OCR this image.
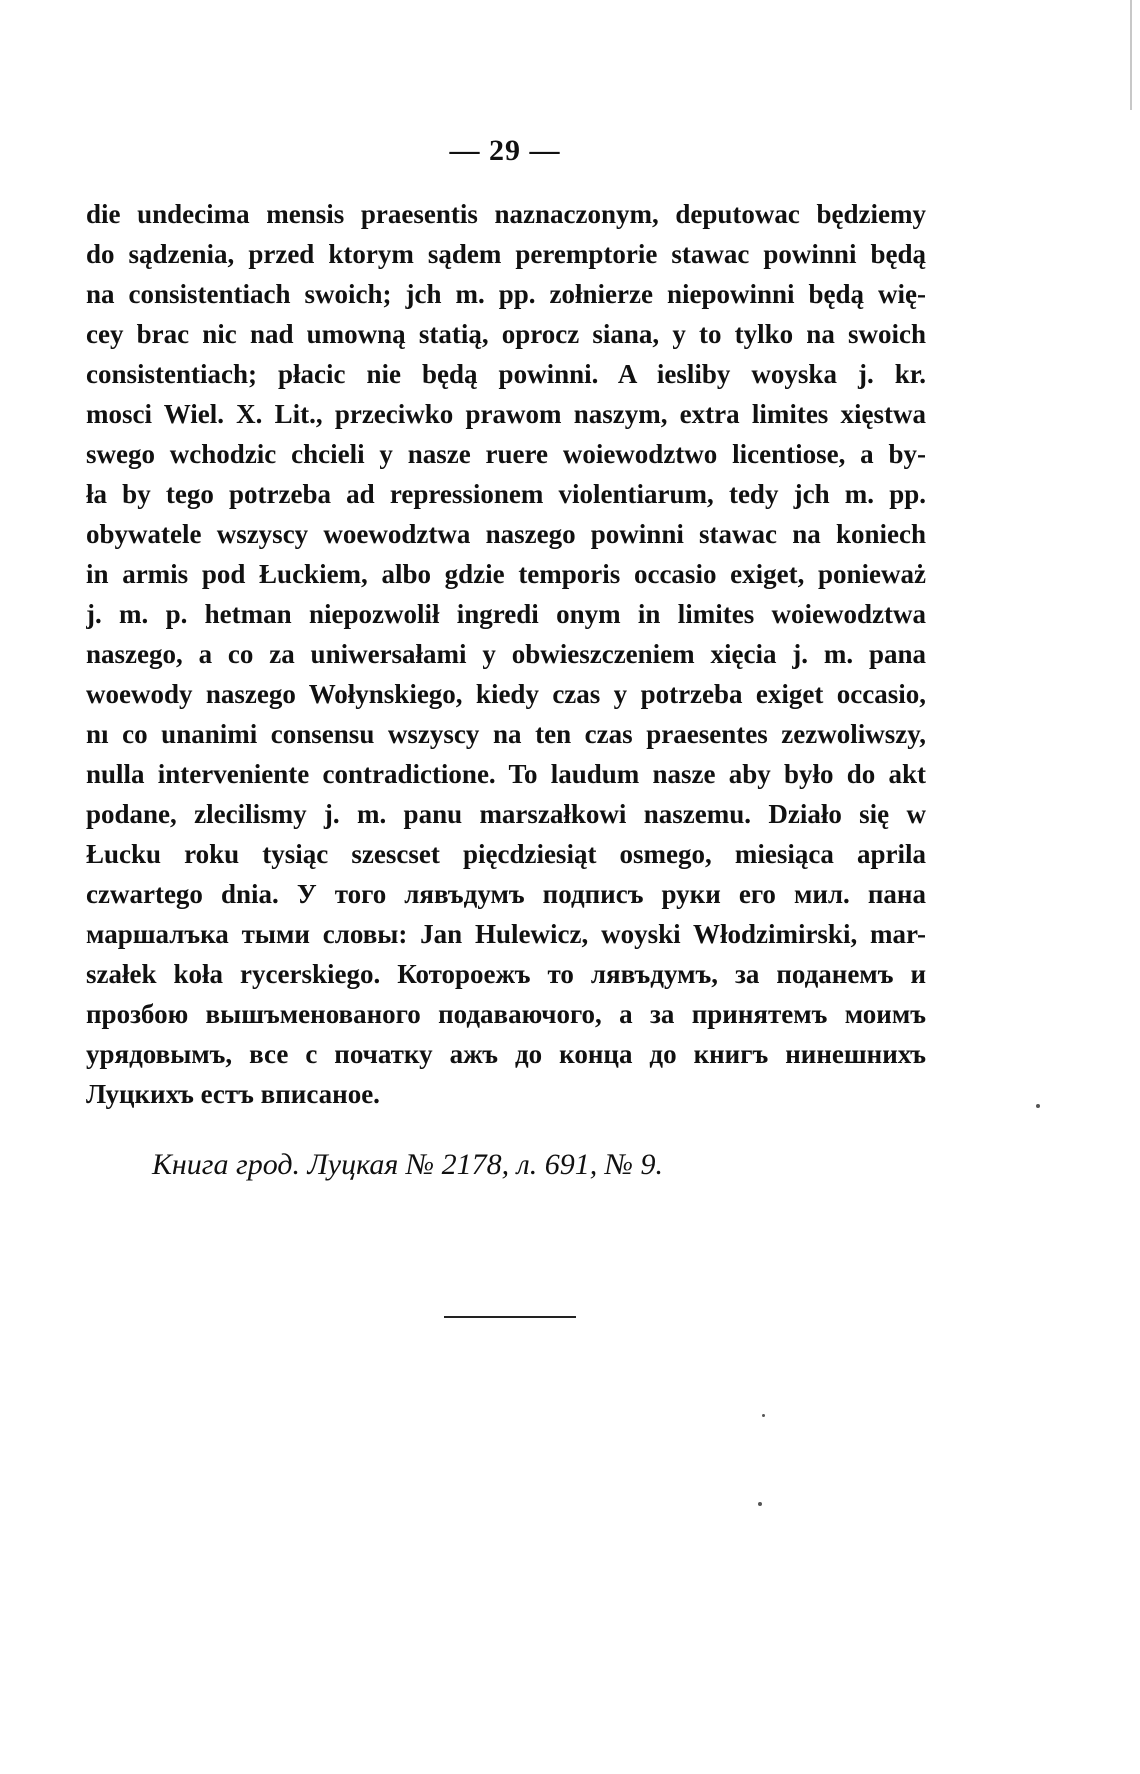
— 29 —
die undecima mensis praesentis naznaczonym, deputowac będziemy
do sądzenia, przed ktorym sądem peremptorie stawac powinni będą
na consistentiach swoich; jch m. pp. zołnierze niepowinni będą wię-
cey brac nic nad umowną statią, oprocz siana, y to tylko na swoich
consistentiach; płacic nie będą powinni. A iesliby woyska j. kr.
mosci Wiel. X. Lit., przeciwko prawom naszym, extra limites xięstwa
swego wchodzic chcieli y nasze ruere woiewodztwo licentiose, a by-
ła by tego potrzeba ad repressionem violentiarum, tedy jch m. pp.
obywatele wszyscy woewodztwa naszego powinni stawac na koniech
in armis pod Łuckiem, albo gdzie temporis occasio exiget, ponieważ
j. m. p. hetman niepozwolił ingredi onym in limites woiewodztwa
naszego, a co za uniwersałami y obwieszczeniem xięcia j. m. pana
woewody naszego Wołynskiego, kiedy czas y potrzeba exiget occasio,
nı co unanimi consensu wszyscy na ten czas praesentes zezwoliwszy,
nulla interveniente contradictione. To laudum nasze aby było do akt
podane, zlecilismy j. m. panu marszałkowi naszemu. Działo się w
Łucku roku tysiąc szescset pięcdziesiąt osmego, miesiąca aprila
czwartego dnia. У того лявъдумъ подписъ руки его мил. пана
маршалъка тыми словы: Jan Hulewicz, woyski Włodzimirski, mar-
szałek koła rycerskiego. Котороежъ то лявъдумъ, за поданемъ и
прозбою вышъменованого подаваючого, а за принятемъ моимъ
урядовымъ, все с початку ажъ до конца до книгъ нинешнихъ
Луцкихъ естъ вписаное.
Книга грод. Луцкая № 2178, л. 691, № 9.
